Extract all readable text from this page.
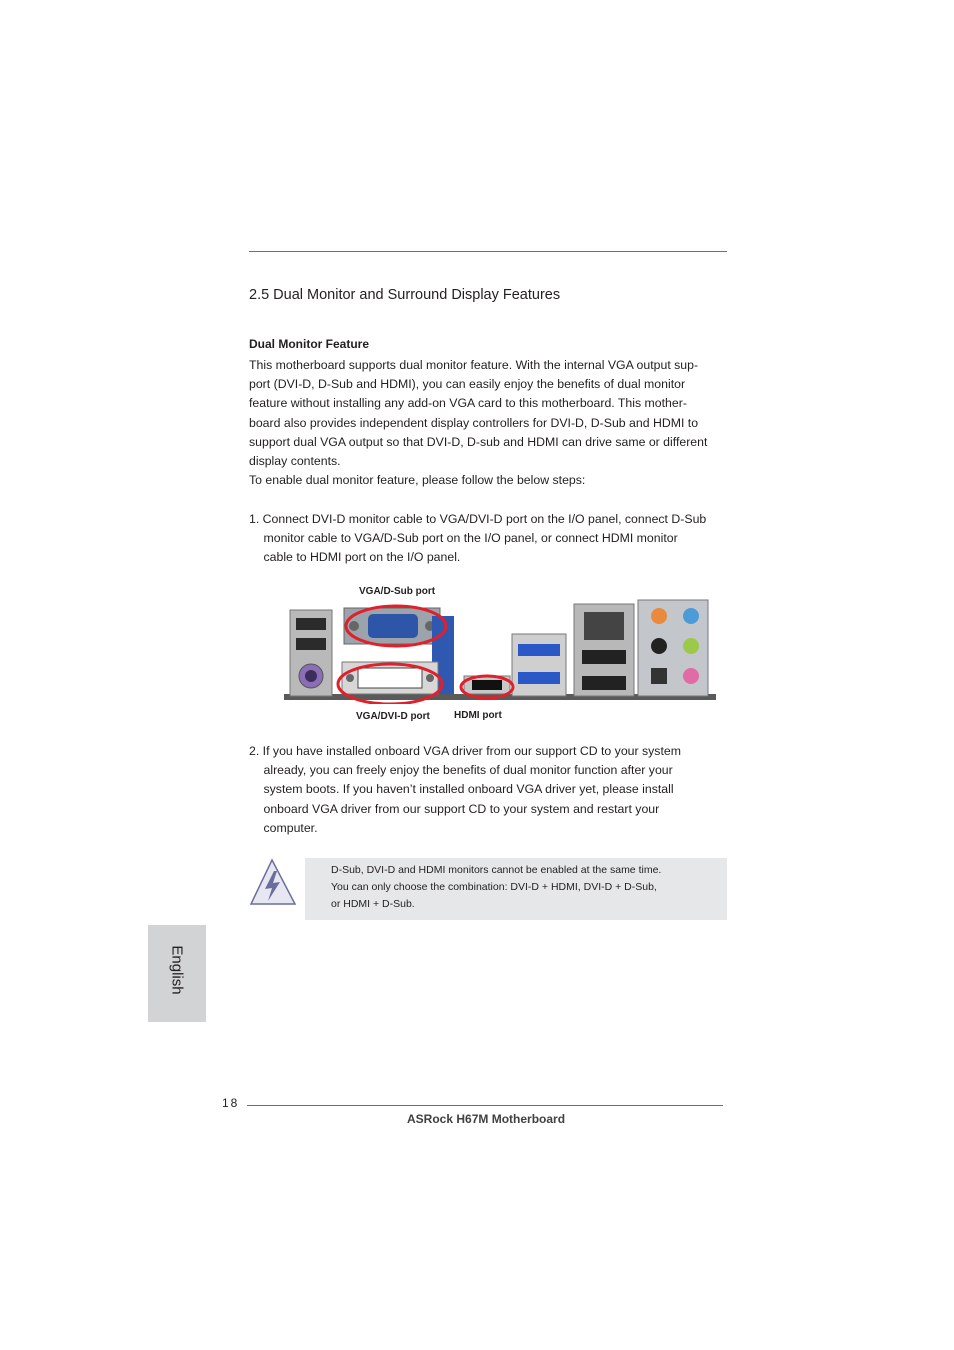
2.5 Dual Monitor and Surround Display Features
Dual Monitor Feature

This motherboard supports dual monitor feature. With the internal VGA output sup-

port (DVI-D, D-Sub and HDMI), you can easily enjoy the benefits of dual monitor

feature without installing any add-on VGA card to this motherboard. This mother-

board also provides independent display controllers for DVI-D, D-Sub and HDMI to

support dual VGA output so that DVI-D, D-sub and HDMI can drive same or different

display contents.

To enable dual monitor feature, please follow the below steps:

1. Connect DVI-D monitor cable to VGA/DVI-D port on the I/O panel, connect D-Sub

monitor cable to VGA/D-Sub port on the I/O panel, or connect HDMI monitor

cable to HDMI port on the I/O panel.

VGA/D-Sub port
VGA/DVI-D port HDMI port

2. If you have installed onboard VGA driver from our support CD to your system

already, you can freely enjoy the benefits of dual monitor function after your

system boots. If you haven’t installed onboard VGA driver yet, please install

onboard VGA driver from our support CD to your system and restart your

computer.

D-Sub, DVI-D and HDMI monitors cannot be enabled at the same time.

You can only choose the combination: DVI-D + HDMI, DVI-D + D-Sub,

or HDMI + D-Sub.

English
18
ASRock H67M Motherboard
